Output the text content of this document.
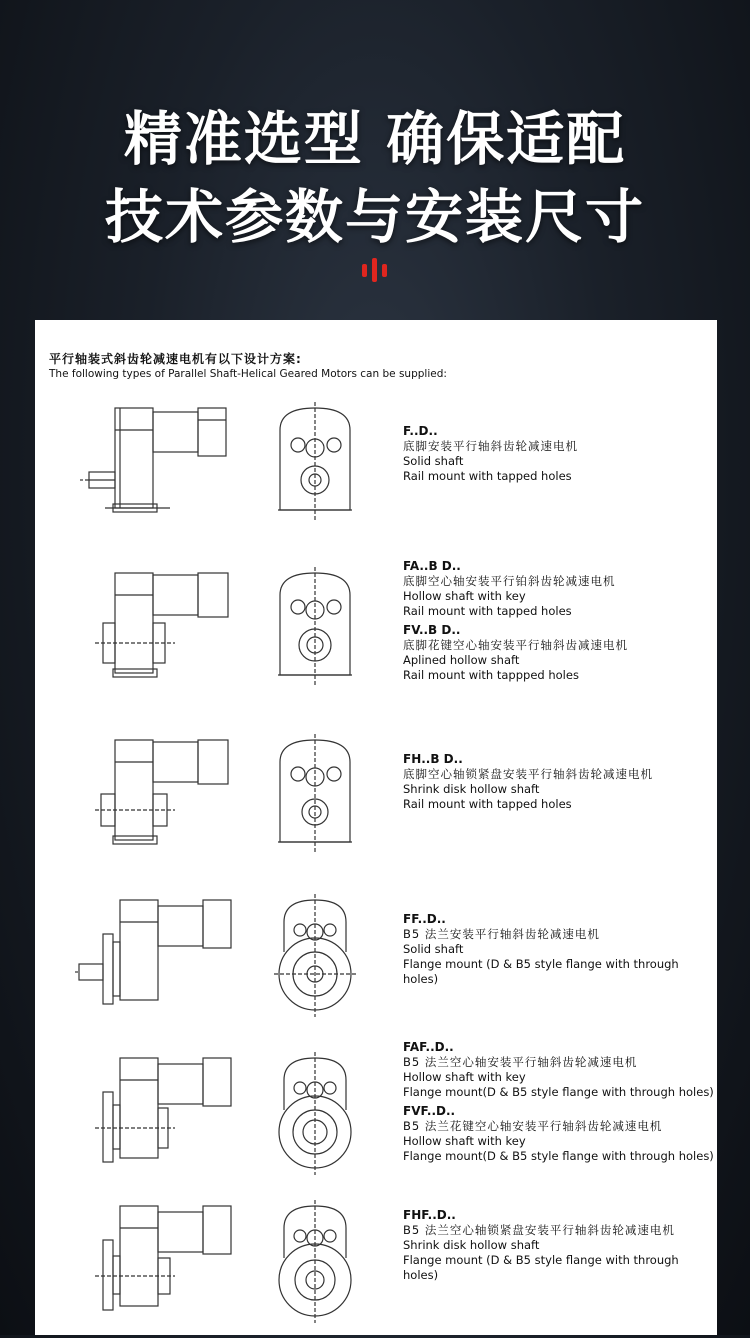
精准选型 确保适配
技术参数与安装尺寸
平行轴装式斜齿轮减速电机有以下设计方案:
The following types of Parallel Shaft-Helical Geared Motors can be supplied:
F..D..
底脚安装平行轴斜齿轮减速电机
Solid shaft
Rail mount with tapped holes
FA..B D..
底脚空心轴安装平行铂斜齿轮减速电机
Hollow shaft with key
Rail mount with tapped holes
FV..B D..
底脚花键空心轴安装平行轴斜齿减速电机
Aplined hollow shaft
Rail mount with tappped holes
FH..B D..
底脚空心轴锁紧盘安装平行轴斜齿轮减速电机
Shrink disk hollow shaft
Rail mount with tapped holes
FF..D..
B5 法兰安装平行轴斜齿轮减速电机
Solid shaft
Flange mount (D & B5 style flange with through holes)
FAF..D..
B5 法兰空心轴安装平行轴斜齿轮减速电机
Hollow shaft with key
Flange mount(D & B5 style flange with through holes)
FVF..D..
B5 法兰花键空心轴安装平行轴斜齿轮减速电机
Hollow shaft with key
Flange mount(D & B5 style flange with through holes)
FHF..D..
B5 法兰空心轴锁紧盘安装平行轴斜齿轮减速电机
Shrink disk hollow shaft
Flange mount (D & B5 style flange with through holes)
